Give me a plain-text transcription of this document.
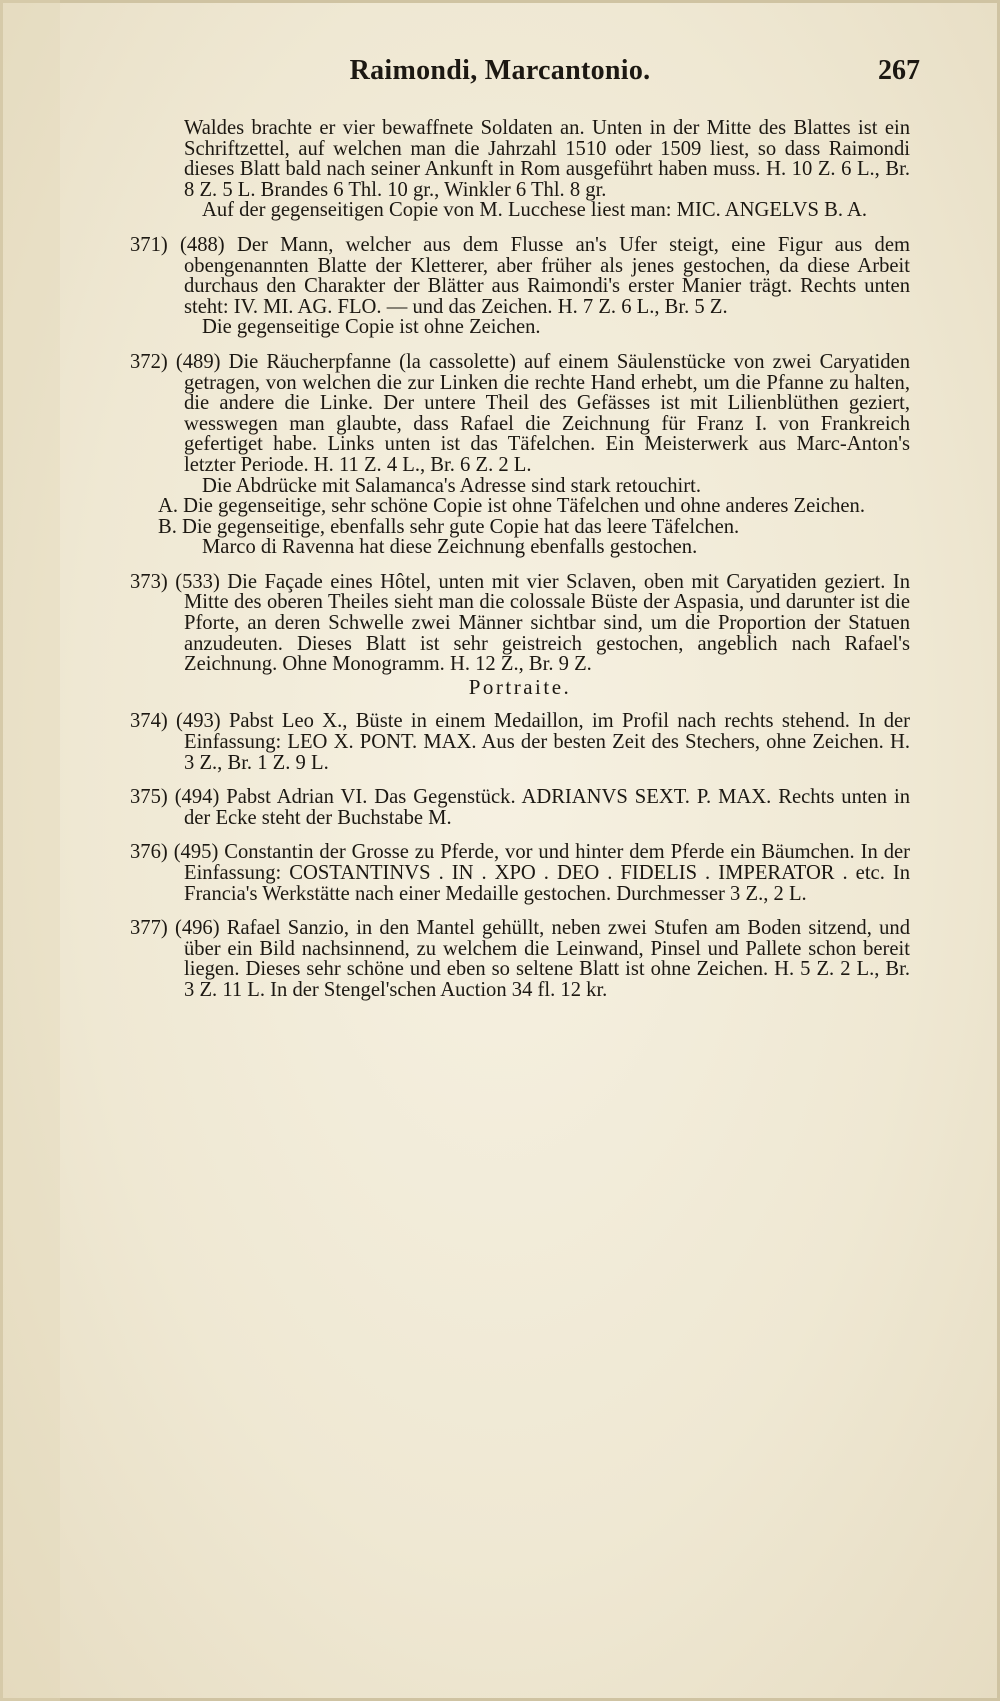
Raimondi, Marcantonio.	267

Waldes brachte er vier bewaffnete Soldaten an. Unten in der Mitte des Blattes ist ein Schriftzettel, auf welchen man die Jahrzahl 1510 oder 1509 liest, so dass Raimondi dieses Blatt bald nach seiner Ankunft in Rom ausgeführt haben muss. H. 10 Z. 6 L., Br. 8 Z. 5 L. Brandes 6 Thl. 10 gr., Winkler 6 Thl. 8 gr.

Auf der gegenseitigen Copie von M. Lucchese liest man: MIC. ANGELVS B. A.

371) (488) Der Mann, welcher aus dem Flusse an's Ufer steigt, eine Figur aus dem obengenannten Blatte der Kletterer, aber früher als jenes gestochen, da diese Arbeit durchaus den Charakter der Blätter aus Raimondi's erster Manier trägt. Rechts unten steht: IV. MI. AG. FLO. — und das Zeichen. H. 7 Z. 6 L., Br. 5 Z.

Die gegenseitige Copie ist ohne Zeichen.

372) (489) Die Räucherpfanne (la cassolette) auf einem Säulenstücke von zwei Caryatiden getragen, von welchen die zur Linken die rechte Hand erhebt, um die Pfanne zu halten, die andere die Linke. Der untere Theil des Gefässes ist mit Lilienblüthen geziert, wesswegen man glaubte, dass Rafael die Zeichnung für Franz I. von Frankreich gefertiget habe. Links unten ist das Täfelchen. Ein Meisterwerk aus Marc-Anton's letzter Periode. H. 11 Z. 4 L., Br. 6 Z. 2 L.

Die Abdrücke mit Salamanca's Adresse sind stark retouchirt.

A. Die gegenseitige, sehr schöne Copie ist ohne Täfelchen und ohne anderes Zeichen.

B. Die gegenseitige, ebenfalls sehr gute Copie hat das leere Täfelchen.

Marco di Ravenna hat diese Zeichnung ebenfalls gestochen.

373) (533) Die Façade eines Hôtel, unten mit vier Sclaven, oben mit Caryatiden geziert. In Mitte des oberen Theiles sieht man die colossale Büste der Aspasia, und darunter ist die Pforte, an deren Schwelle zwei Männer sichtbar sind, um die Proportion der Statuen anzudeuten. Dieses Blatt ist sehr geistreich gestochen, angeblich nach Rafael's Zeichnung. Ohne Monogramm. H. 12 Z., Br. 9 Z.

Portraite.

374) (493) Pabst Leo X., Büste in einem Medaillon, im Profil nach rechts stehend. In der Einfassung: LEO X. PONT. MAX. Aus der besten Zeit des Stechers, ohne Zeichen. H. 3 Z., Br. 1 Z. 9 L.

375) (494) Pabst Adrian VI. Das Gegenstück. ADRIANVS SEXT. P. MAX. Rechts unten in der Ecke steht der Buchstabe M.

376) (495) Constantin der Grosse zu Pferde, vor und hinter dem Pferde ein Bäumchen. In der Einfassung: COSTANTINVS . IN . XPO . DEO . FIDELIS . IMPERATOR . etc. In Francia's Werkstätte nach einer Medaille gestochen. Durchmesser 3 Z., 2 L.

377) (496) Rafael Sanzio, in den Mantel gehüllt, neben zwei Stufen am Boden sitzend, und über ein Bild nachsinnend, zu welchem die Leinwand, Pinsel und Pallete schon bereit liegen. Dieses sehr schöne und eben so seltene Blatt ist ohne Zeichen. H. 5 Z. 2 L., Br. 3 Z. 11 L. In der Stengel'schen Auction 34 fl. 12 kr.
